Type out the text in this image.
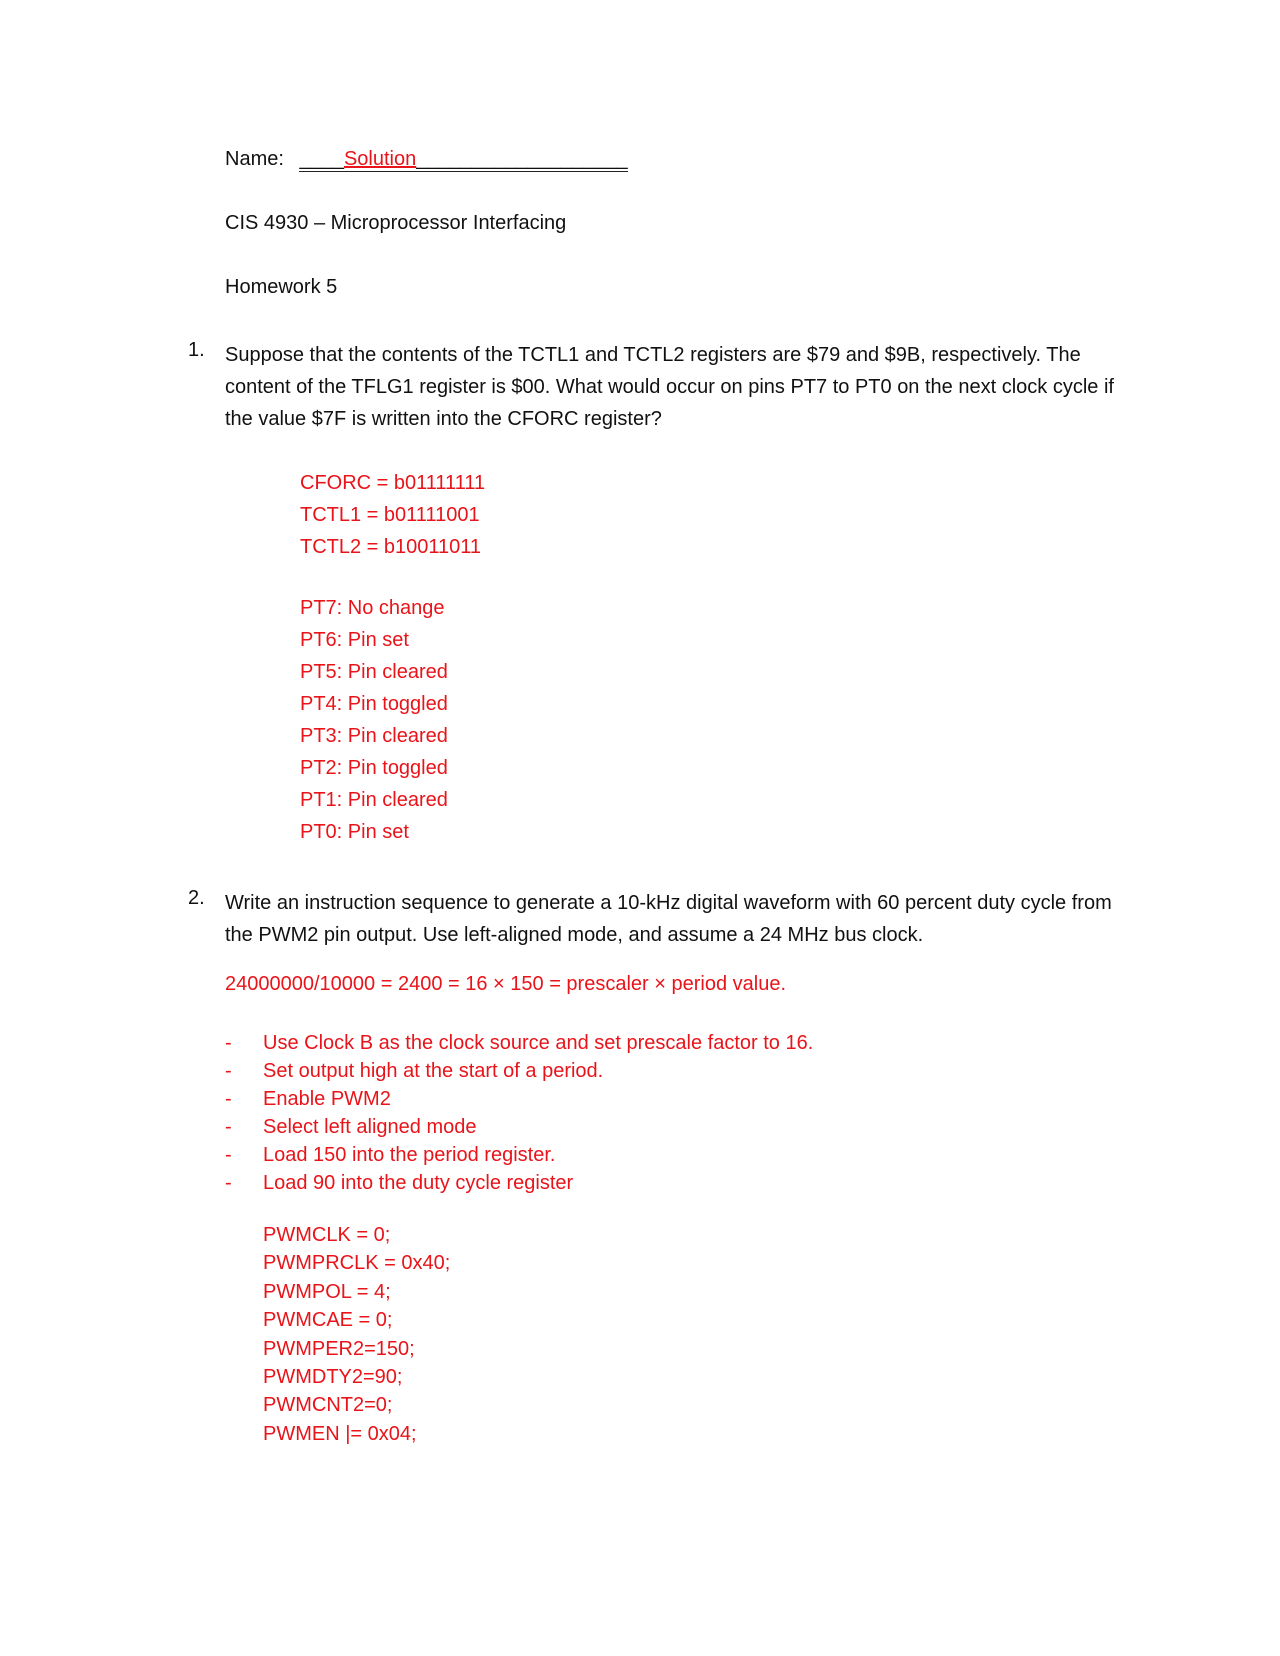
Name: ____Solution___________________
CIS 4930 – Microprocessor Interfacing
Homework 5
1. Suppose that the contents of the TCTL1 and TCTL2 registers are $79 and $9B, respectively. The content of the TFLG1 register is $00. What would occur on pins PT7 to PT0 on the next clock cycle if the value $7F is written into the CFORC register?
CFORC = b01111111
TCTL1 = b01111001
TCTL2 = b10011011
PT7: No change
PT6: Pin set
PT5: Pin cleared
PT4: Pin toggled
PT3: Pin cleared
PT2: Pin toggled
PT1: Pin cleared
PT0: Pin set
2. Write an instruction sequence to generate a 10-kHz digital waveform with 60 percent duty cycle from the PWM2 pin output. Use left-aligned mode, and assume a 24 MHz bus clock.
24000000/10000 = 2400 = 16 × 150 = prescaler × period value.
-	Use Clock B as the clock source and set prescale factor to 16.
-	Set output high at the start of a period.
-	Enable PWM2
-	Select left aligned mode
-	Load 150 into the period register.
-	Load 90 into the duty cycle register
PWMCLK = 0;
PWMPRCLK = 0x40;
PWMPOL = 4;
PWMCAE = 0;
PWMPER2=150;
PWMDTY2=90;
PWMCNT2=0;
PWMEN |= 0x04;
